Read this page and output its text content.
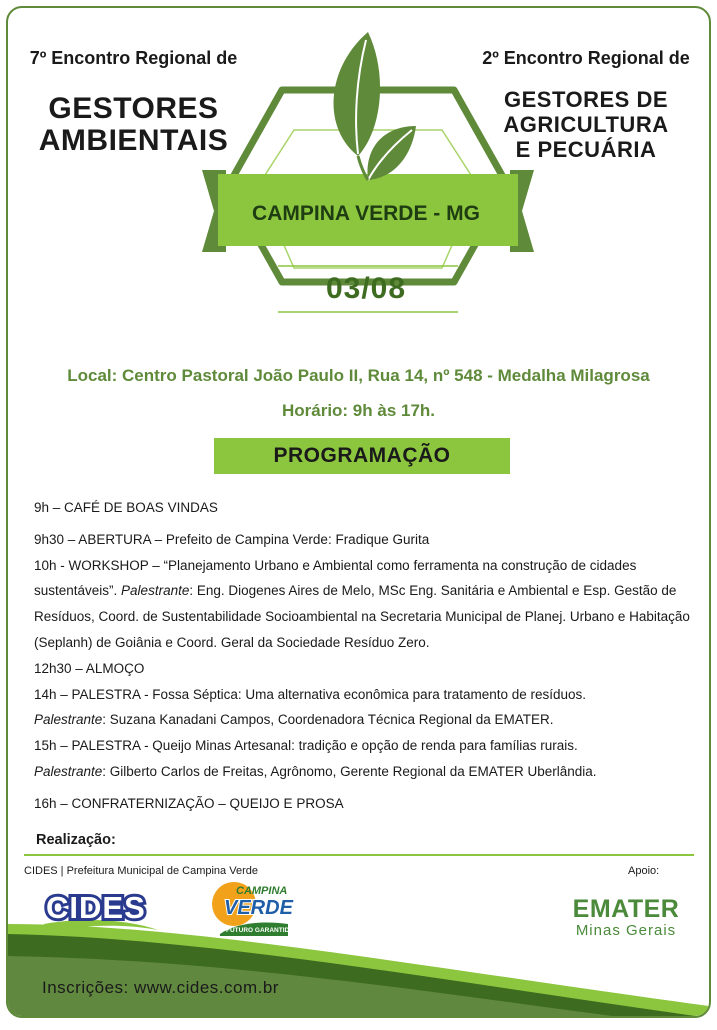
7º Encontro Regional de
GESTORES
AMBIENTAIS
2º Encontro Regional de
GESTORES DE
AGRICULTURA
E PECUÁRIA
CAMPINA VERDE - MG
03/08
Local: Centro Pastoral João Paulo II, Rua 14, nº 548 - Medalha Milagrosa
Horário: 9h às 17h.
PROGRAMAÇÃO

9h – CAFÉ DE BOAS VINDAS

9h30 – ABERTURA – Prefeito de Campina Verde: Fradique Gurita

10h - WORKSHOP – “Planejamento Urbano e Ambiental como ferramenta na construção de cidades sustentáveis”. Palestrante: Eng. Diogenes Aires de Melo, MSc Eng. Sanitária e Ambiental e Esp. Gestão de Resíduos, Coord. de Sustentabilidade Socioambiental na Secretaria Municipal de Planej. Urbano e Habitação (Seplanh) de Goiânia e Coord. Geral da Sociedade Resíduo Zero.

12h30 – ALMOÇO

14h – PALESTRA - Fossa Séptica: Uma alternativa econômica para tratamento de resíduos.

Palestrante: Suzana Kanadani Campos, Coordenadora Técnica Regional da EMATER.

15h – PALESTRA - Queijo Minas Artesanal: tradição e opção de renda para famílias rurais.

Palestrante: Gilberto Carlos de Freitas, Agrônomo, Gerente Regional da EMATER Uberlândia.

16h – CONFRATERNIZAÇÃO – QUEIJO E PROSA

Realização:
CIDES | Prefeitura Municipal de Campina Verde	Apoio:
CIDES	CAMPINA
VERDE
FUTURO GARANTIDO
EMATER
Minas Gerais
Inscrições: www.cides.com.br
